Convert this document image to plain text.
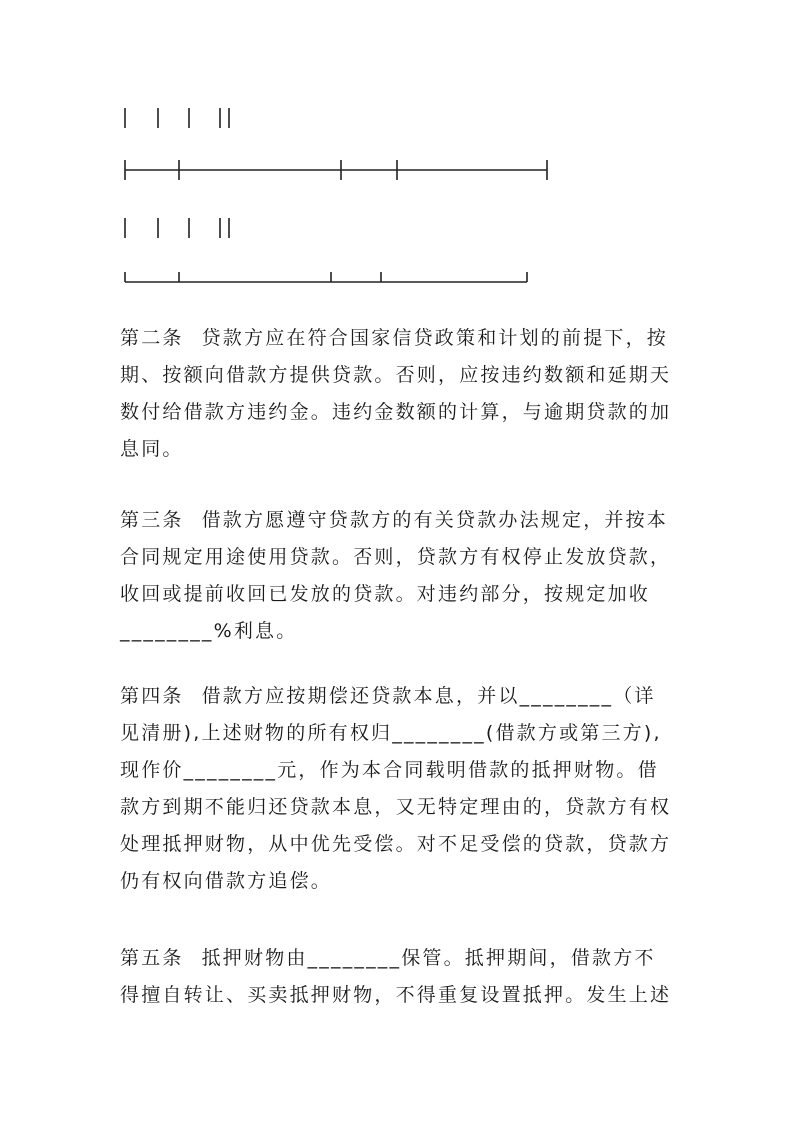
第二条 贷款方应在符合国家信贷政策和计划的前提下，按
期、按额向借款方提供贷款。否则，应按违约数额和延期天
数付给借款方违约金。违约金数额的计算，与逾期贷款的加
息同。
第三条 借款方愿遵守贷款方的有关贷款办法规定，并按本
合同规定用途使用贷款。否则，贷款方有权停止发放贷款，
收回或提前收回已发放的贷款。对违约部分，按规定加收
________%利息。
第四条 借款方应按期偿还贷款本息，并以________（详
见清册),上述财物的所有权归________(借款方或第三方),
现作价________元，作为本合同载明借款的抵押财物。借
款方到期不能归还贷款本息，又无特定理由的，贷款方有权
处理抵押财物，从中优先受偿。对不足受偿的贷款，贷款方
仍有权向借款方追偿。
第五条 抵押财物由________保管。抵押期间，借款方不
得擅自转让、买卖抵押财物，不得重复设置抵押。发生上述
